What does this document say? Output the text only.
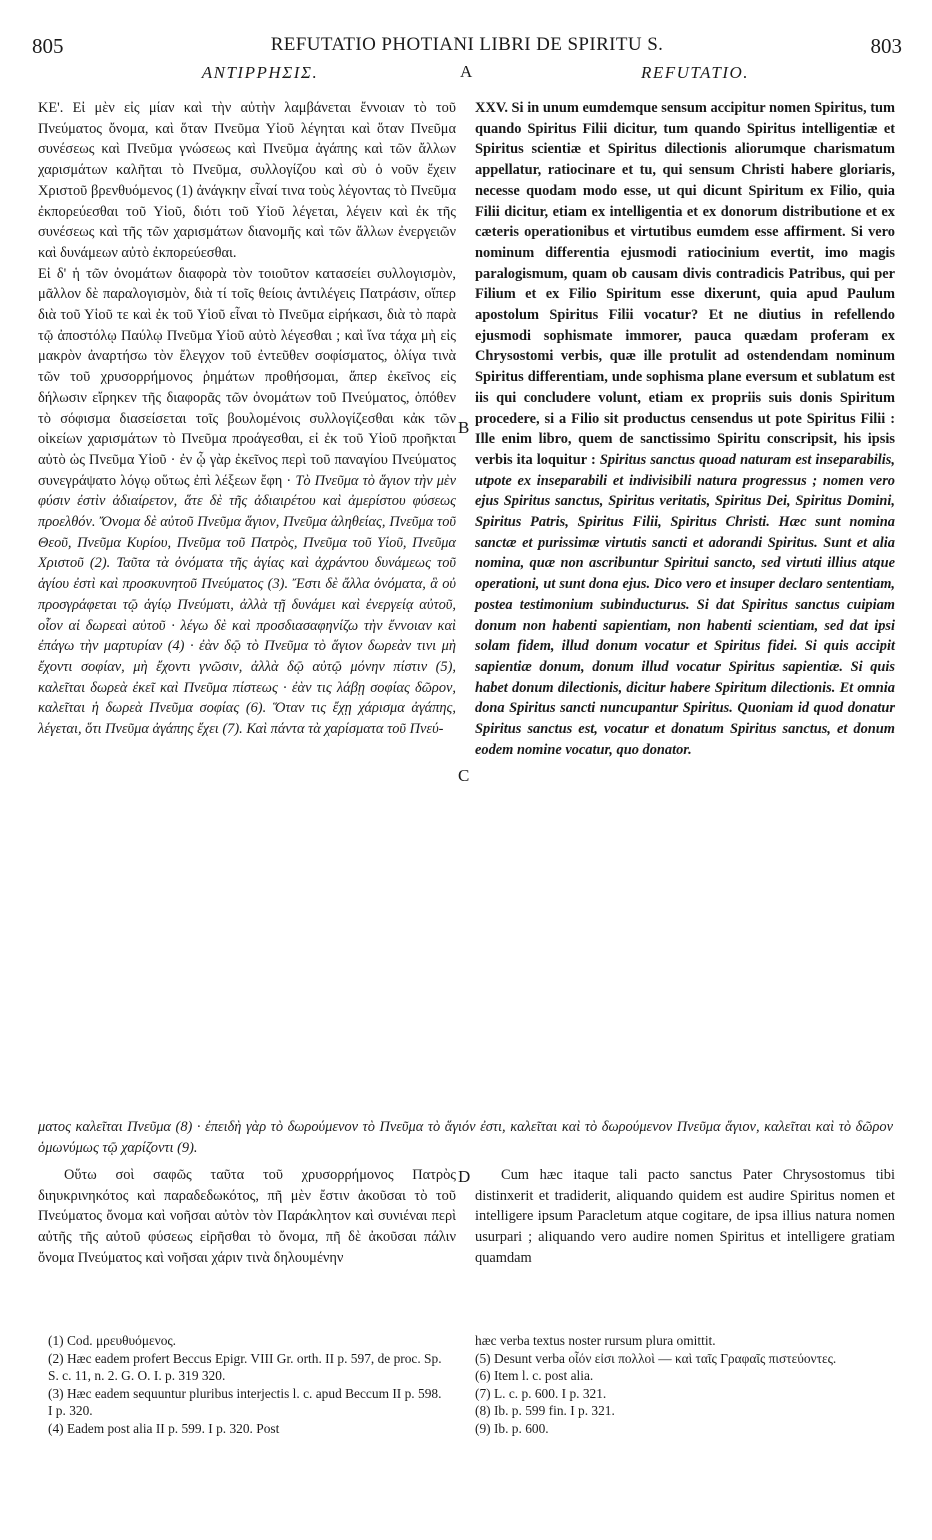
805	REFUTATIO PHOTIANI LIBRI DE SPIRITU S.	803
ΑΝΤΙΡΡΗΣΙΣ.	REFUTATIO.
A
B
C
D

ΚΕ'. Εἰ μὲν εἰς μίαν καὶ τὴν αὐτὴν λαμβάνεται ἔννοιαν τὸ τοῦ Πνεύματος ὄνομα, καὶ ὅταν Πνεῦμα Υἱοῦ λέγηται καὶ ὅταν Πνεῦμα συνέσεως καὶ Πνεῦμα γνώσεως καὶ Πνεῦμα ἀγάπης καὶ τῶν ἄλλων χαρισμάτων καλῆται τὸ Πνεῦμα, συλλογίζου καὶ σὺ ὁ νοῦν ἔχειν Χριστοῦ βρενθυόμενος (1) ἀνάγκην εἶναί τινα τοὺς λέγοντας τὸ Πνεῦμα ἐκπορεύεσθαι τοῦ Υἱοῦ, διότι τοῦ Υἱοῦ λέγεται, λέγειν καὶ ἐκ τῆς συνέσεως καὶ τῆς τῶν χαρισμάτων διανομῆς καὶ τῶν ἄλλων ἐνεργειῶν καὶ δυνάμεων αὐτὸ ἐκπορεύεσθαι.

Εἰ δ' ἡ τῶν ὀνομάτων διαφορὰ τὸν τοιοῦτον κατασείει συλλογισμὸν, μᾶλλον δὲ παραλογισμὸν, διὰ τί τοῖς θείοις ἀντιλέγεις Πατράσιν, οἵπερ διὰ τοῦ Υἱοῦ τε καὶ ἐκ τοῦ Υἱοῦ εἶναι τὸ Πνεῦμα εἰρήκασι, διὰ τὸ παρὰ τῷ ἀποστόλῳ Παύλῳ Πνεῦμα Υἱοῦ αὐτὸ λέγεσθαι ; καὶ ἵνα τάχα μὴ εἰς μακρὸν ἀναρτήσω τὸν ἔλεγχον τοῦ ἐντεῦθεν σοφίσματος, ὀλίγα τινὰ τῶν τοῦ χρυσορρήμονος ῥημάτων προθήσομαι, ἅπερ ἐκεῖνος εἰς δήλωσιν εἴρηκεν τῆς διαφορᾶς τῶν ὀνομάτων τοῦ Πνεύματος, ὁπόθεν τὸ σόφισμα διασείσεται τοῖς βουλομένοις συλλογίζεσθαι κἀκ τῶν οἰκείων χαρισμάτων τὸ Πνεῦμα προάγεσθαι, εἰ ἐκ τοῦ Υἱοῦ προῆκται αὐτὸ ὡς Πνεῦμα Υἱοῦ · ἐν ᾧ γὰρ ἐκεῖνος περὶ τοῦ παναγίου Πνεύματος συνεγράψατο λόγῳ οὕτως ἐπὶ λέξεων ἔφη · Τὸ Πνεῦμα τὸ ἅγιον τὴν μὲν φύσιν ἐστὶν ἀδιαίρετον, ἅτε δὲ τῆς ἀδιαιρέτου καὶ ἀμερίστου φύσεως προελθόν. Ὄνομα δὲ αὐτοῦ Πνεῦμα ἅγιον, Πνεῦμα ἀληθείας, Πνεῦμα τοῦ Θεοῦ, Πνεῦμα Κυρίου, Πνεῦμα τοῦ Πατρὸς, Πνεῦμα τοῦ Υἱοῦ, Πνεῦμα Χριστοῦ (2). Ταῦτα τὰ ὀνόματα τῆς ἁγίας καὶ ἀχράντου δυνάμεως τοῦ ἁγίου ἐστὶ καὶ προσκυνητοῦ Πνεύματος (3). Ἔστι δὲ ἄλλα ὀνόματα, ἃ οὐ προσγράφεται τῷ ἁγίῳ Πνεύματι, ἀλλὰ τῇ δυνάμει καὶ ἐνεργείᾳ αὐτοῦ, οἷον αἱ δωρεαὶ αὐτοῦ · λέγω δὲ καὶ προσδιασαφηνίζω τὴν ἔννοιαν καὶ ἐπάγω τὴν μαρτυρίαν (4) · ἐὰν δῷ τὸ Πνεῦμα τὸ ἅγιον δωρεὰν τινι μὴ ἔχοντι σοφίαν, μὴ ἔχοντι γνῶσιν, ἀλλὰ δῷ αὐτῷ μόνην πίστιν (5), καλεῖται δωρεὰ ἐκεῖ καὶ Πνεῦμα πίστεως · ἐὰν τις λάβῃ σοφίας δῶρον, καλεῖται ἡ δωρεὰ Πνεῦμα σοφίας (6). Ὅταν τις ἔχῃ χάρισμα ἀγάπης, λέγεται, ὅτι Πνεῦμα ἀγάπης ἔχει (7). Καὶ πάντα τὰ χαρίσματα τοῦ Πνεύ-

XXV. Si in unum eumdemque sensum accipitur nomen Spiritus, tum quando Spiritus Filii dicitur, tum quando Spiritus intelligentiæ et Spiritus scientiæ et Spiritus dilectionis aliorumque charismatum appellatur, ratiocinare et tu, qui sensum Christi habere gloriaris, necesse quodam modo esse, ut qui dicunt Spiritum ex Filio, quia Filii dicitur, etiam ex intelligentia et ex donorum distributione et ex cæteris operationibus et virtutibus eumdem esse affirment. Si vero nominum differentia ejusmodi ratiocinium evertit, imo magis paralogismum, quam ob causam divis contradicis Patribus, qui per Filium et ex Filio Spiritum esse dixerunt, quia apud Paulum apostolum Spiritus Filii vocatur? Et ne diutius in refellendo ejusmodi sophismate immorer, pauca quædam proferam ex Chrysostomi verbis, quæ ille protulit ad ostendendam nominum Spiritus differentiam, unde sophisma plane eversum et sublatum est iis qui concludere volunt, etiam ex propriis suis donis Spiritum procedere, si a Filio sit productus censendus ut pote Spiritus Filii : Ille enim libro, quem de sanctissimo Spiritu conscripsit, his ipsis verbis ita loquitur : Spiritus sanctus quoad naturam est inseparabilis, utpote ex inseparabili et indivisibili natura progressus ; nomen vero ejus Spiritus sanctus, Spiritus veritatis, Spiritus Dei, Spiritus Domini, Spiritus Patris, Spiritus Filii, Spiritus Christi. Hæc sunt nomina sanctæ et purissimæ virtutis sancti et adorandi Spiritus. Sunt et alia nomina, quæ non ascribuntur Spiritui sancto, sed virtuti illius atque operationi, ut sunt dona ejus. Dico vero et insuper declaro sententiam, postea testimonium subinducturus. Si dat Spiritus sanctus cuipiam donum non habenti sapientiam, non habenti scientiam, sed dat ipsi solam fidem, illud donum vocatur et Spiritus fidei. Si quis accipit sapientiæ donum, donum illud vocatur Spiritus sapientiæ. Si quis habet donum dilectionis, dicitur habere Spiritum dilectionis. Et omnia dona Spiritus sancti nuncupantur Spiritus. Quoniam id quod donatur Spiritus sanctus est, vocatur et donatum Spiritus sanctus, et donum eodem nomine vocatur, quo donator.

ματος καλεῖται Πνεῦμα (8) · ἐπειδὴ γὰρ τὸ δωρούμενον τὸ Πνεῦμα τὸ ἅγιόν ἐστι, καλεῖται καὶ τὸ δωρούμενον Πνεῦμα ἅγιον, καλεῖται καὶ τὸ δῶρον ὁμωνύμως τῷ χαρίζοντι (9).

Οὕτω σοὶ σαφῶς ταῦτα τοῦ χρυσορρήμονος Πατρὸς διηυκρινηκότος καὶ παραδεδωκότος, πῆ μὲν ἔστιν ἀκοῦσαι τὸ τοῦ Πνεύματος ὄνομα καὶ νοῆσαι αὐτὸν τὸν Παράκλητον καὶ συνιέναι περὶ αὐτῆς τῆς αὐτοῦ φύσεως εἰρῆσθαι τὸ ὄνομα, πῆ δὲ ἀκοῦσαι πάλιν ὄνομα Πνεύματος καὶ νοῆσαι χάριν τινὰ δηλουμένην

Cum hæc itaque tali pacto sanctus Pater Chrysostomus tibi distinxerit et tradiderit, aliquando quidem est audire Spiritus nomen et intelligere ipsum Paracletum atque cogitare, de ipsa illius natura nomen usurpari ; aliquando vero audire nomen Spiritus et intelligere gratiam quamdam

(1) Cod. μρευθυόμενος.

(2) Hæc eadem profert Beccus Epigr. VIII Gr. orth. II p. 597, de proc. Sp. S. c. 11, n. 2. G. O. I. p. 319 320.

(3) Hæc eadem sequuntur pluribus interjectis l. c. apud Beccum II p. 598. I p. 320.

(4) Eadem post alia II p. 599. I p. 320. Post

hæc verba textus noster rursum plura omittit.

(5) Desunt verba οἷόν εἰσι πολλοὶ — καὶ ταῖς Γραφαῖς πιστεύοντες.

(6) Item l. c. post alia.

(7) L. c. p. 600. I p. 321.

(8) Ib. p. 599 fin. I p. 321.

(9) Ib. p. 600.
